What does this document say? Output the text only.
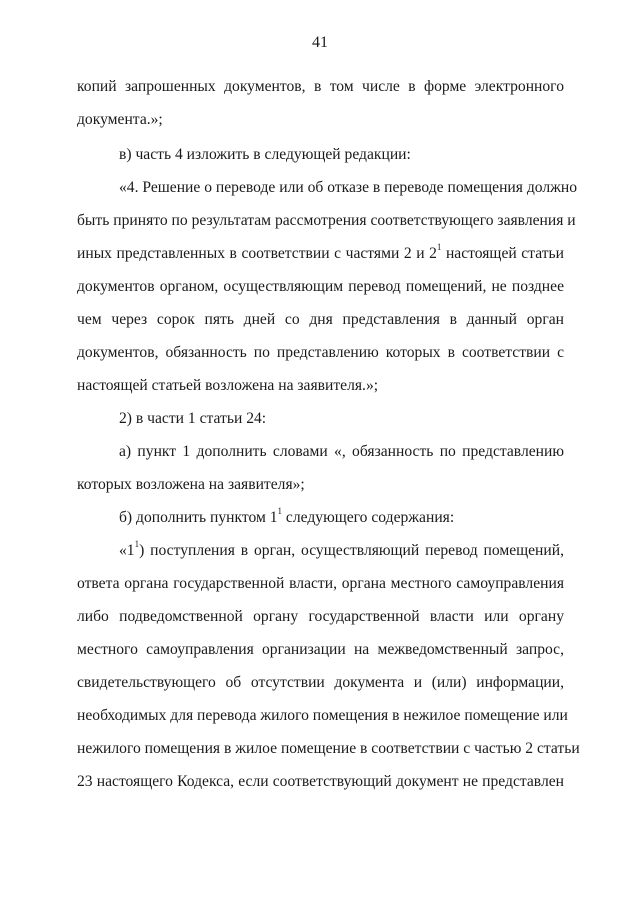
41
копий запрошенных документов, в том числе в форме электронного
документа.»;
в) часть 4 изложить в следующей редакции:
«4. Решение о переводе или об отказе в переводе помещения должно
быть принято по результатам рассмотрения соответствующего заявления и
иных представленных в соответствии с частями 2 и $2^1$ настоящей статьи
документов органом, осуществляющим перевод помещений, не позднее
чем через сорок пять дней со дня представления в данный орган
документов, обязанность по представлению которых в соответствии с
настоящей статьей возложена на заявителя.»;
2) в части 1 статьи 24:
а) пункт 1 дополнить словами «, обязанность по представлению
которых возложена на заявителя»;
б) дополнить пунктом $1^1$ следующего содержания:
«$1^1$) поступления в орган, осуществляющий перевод помещений,
ответа органа государственной власти, органа местного самоуправления
либо подведомственной органу государственной власти или органу
местного самоуправления организации на межведомственный запрос,
свидетельствующего об отсутствии документа и (или) информации,
необходимых для перевода жилого помещения в нежилое помещение или
нежилого помещения в жилое помещение в соответствии с частью 2 статьи
23 настоящего Кодекса, если соответствующий документ не представлен
